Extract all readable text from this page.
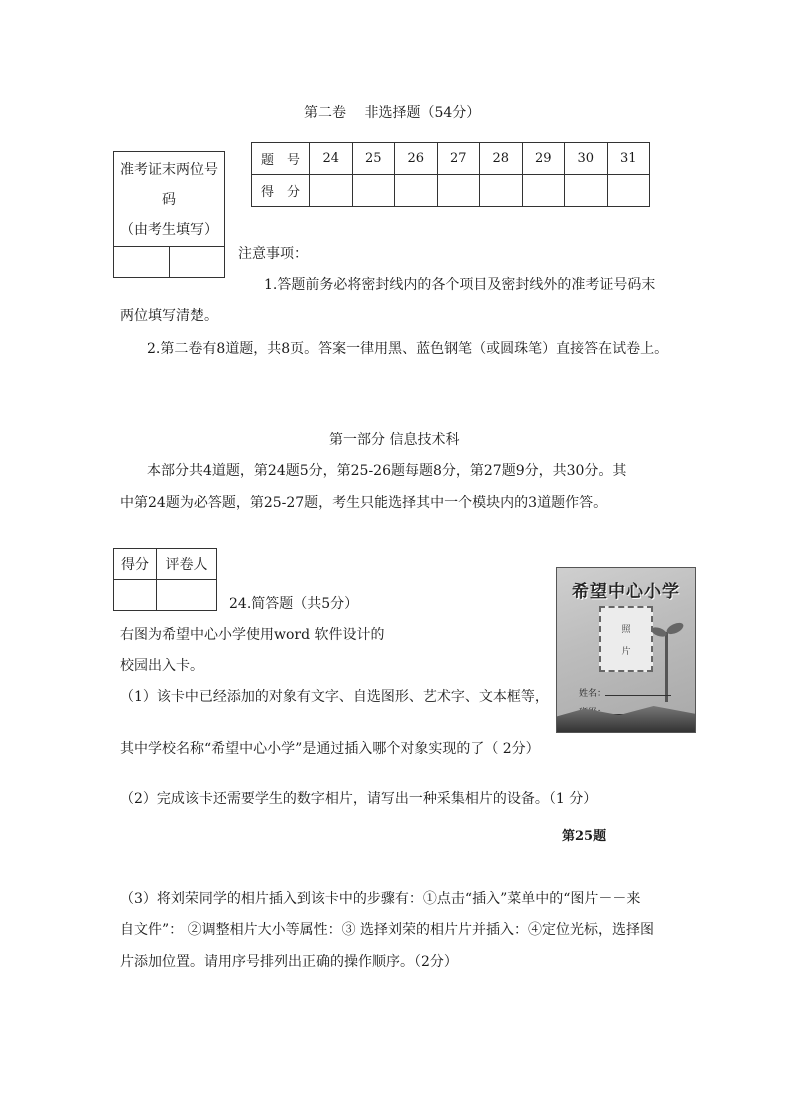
第二卷　 非选择题（54分）
题　号	24	25	26	27	28	29	30	31
得　分								
准考证末两位号
码
（由考生填写）
注意事项：
1.答题前务必将密封线内的各个项目及密封线外的准考证号码末
两位填写清楚。
2.第二卷有8道题，共8页。答案一律用黑、蓝色钢笔（或圆珠笔）直接答在试卷上。
第一部分 信息技术科
本部分共4道题，第24题5分，第25-26题每题8分，第27题9分，共30分。其
中第24题为必答题，第25-27题，考生只能选择其中一个模块内的3道题作答。
得分	评卷人

24.简答题（共5分）
右图为希望中心小学使用word 软件设计的
校园出入卡。
（1）该卡中已经添加的对象有文字、自选图形、艺术字、文本框等，
其中学校名称“希望中心小学”是通过插入哪个对象实现的了（ 2分）
（2）完成该卡还需要学生的数字相片，请写出一种采集相片的设备。（1 分）
第25题
（3）将刘荣同学的相片插入到该卡中的步骤有：①点击“插入”菜单中的“图片－－来
自文件”： ②调整相片大小等属性：③ 选择刘荣的相片片并插入：④定位光标，选择图
片添加位置。请用序号排列出正确的操作顺序。（2分）
希望中心小学
照
片
姓名：
